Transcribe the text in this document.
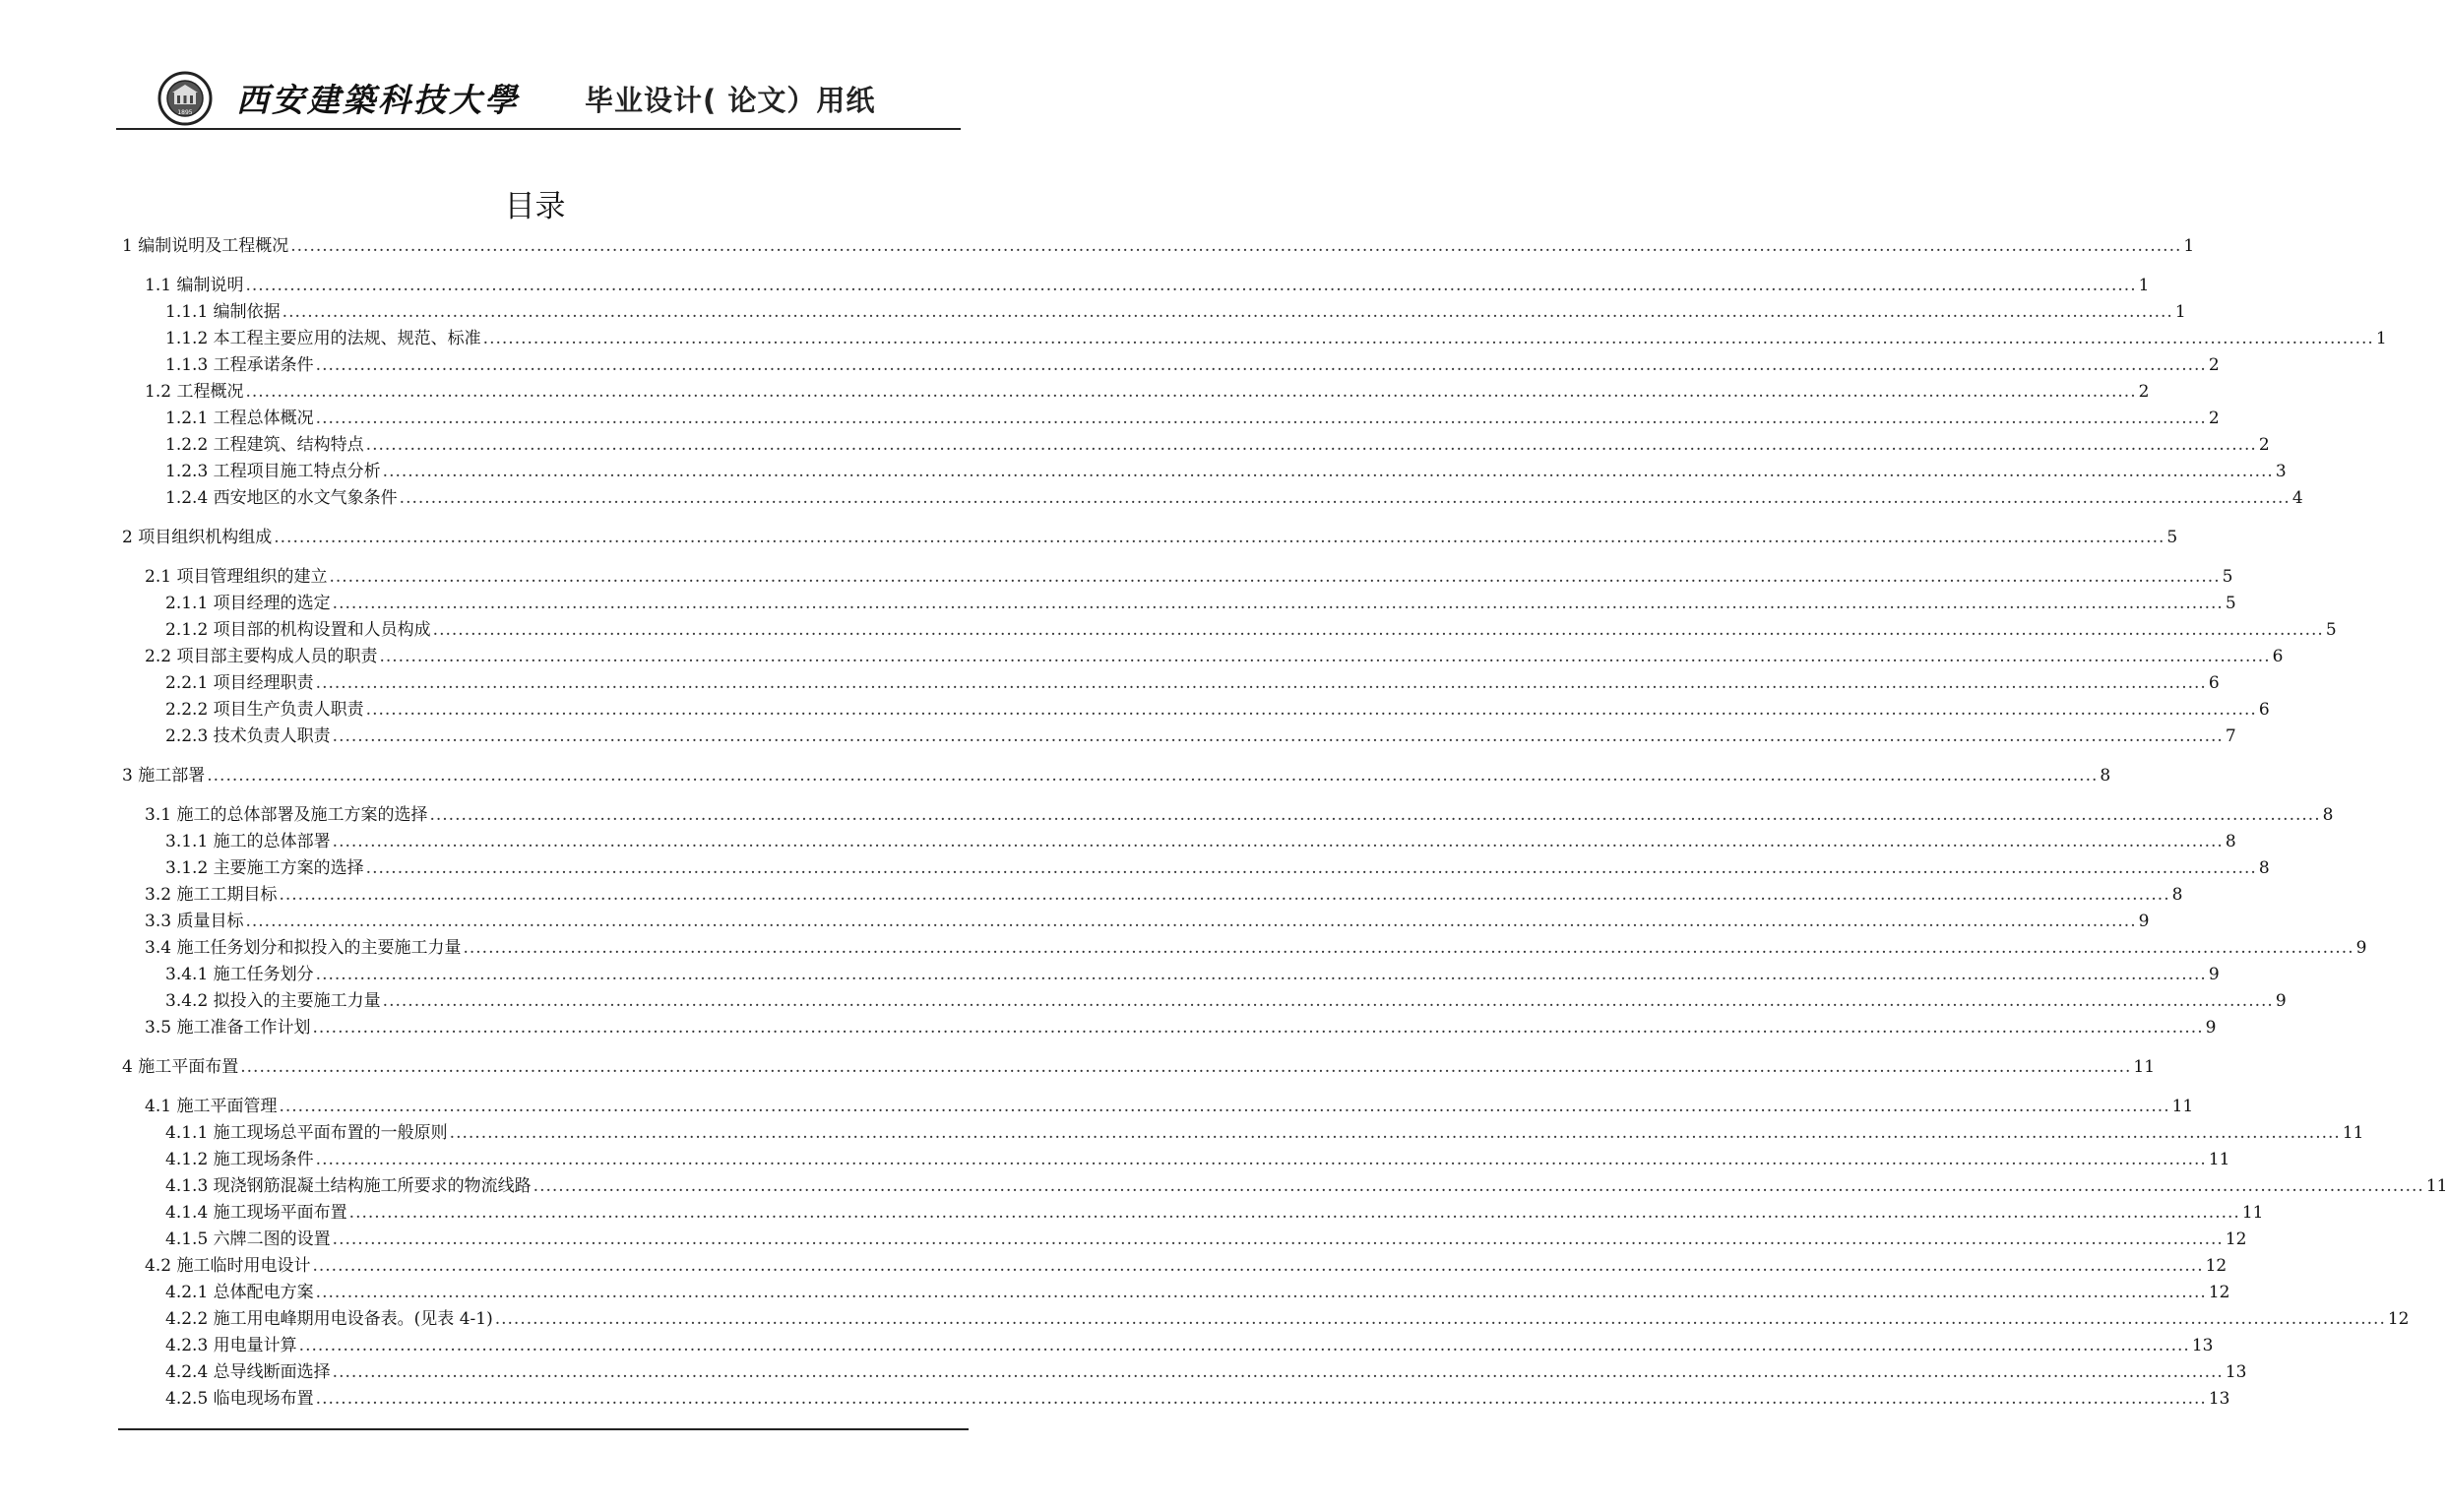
1895 西安建築科技大學 毕业设计( 论文）用纸
目录
1 编制说明及工程概况 ............................................................................................................................................................................................................................................................................................................ 1
1.1 编制说明 ............................................................................................................................................................................................................................................................................................................ 1
1.1.1 编制依据 ............................................................................................................................................................................................................................................................................................................ 1
1.1.2 本工程主要应用的法规、规范、标准 ............................................................................................................................................................................................................................................................................................................ 1
1.1.3 工程承诺条件 ............................................................................................................................................................................................................................................................................................................ 2
1.2 工程概况 ............................................................................................................................................................................................................................................................................................................ 2
1.2.1 工程总体概况 ............................................................................................................................................................................................................................................................................................................ 2
1.2.2 工程建筑、结构特点 ............................................................................................................................................................................................................................................................................................................ 2
1.2.3 工程项目施工特点分析 ............................................................................................................................................................................................................................................................................................................ 3
1.2.4 西安地区的水文气象条件 ............................................................................................................................................................................................................................................................................................................ 4
2 项目组织机构组成 ............................................................................................................................................................................................................................................................................................................ 5
2.1 项目管理组织的建立 ............................................................................................................................................................................................................................................................................................................ 5
2.1.1 项目经理的选定 ............................................................................................................................................................................................................................................................................................................ 5
2.1.2 项目部的机构设置和人员构成 ............................................................................................................................................................................................................................................................................................................ 5
2.2 项目部主要构成人员的职责 ............................................................................................................................................................................................................................................................................................................ 6
2.2.1 项目经理职责 ............................................................................................................................................................................................................................................................................................................ 6
2.2.2 项目生产负责人职责 ............................................................................................................................................................................................................................................................................................................ 6
2.2.3 技术负责人职责 ............................................................................................................................................................................................................................................................................................................ 7
3 施工部署 ............................................................................................................................................................................................................................................................................................................ 8
3.1 施工的总体部署及施工方案的选择 ............................................................................................................................................................................................................................................................................................................ 8
3.1.1 施工的总体部署 ............................................................................................................................................................................................................................................................................................................ 8
3.1.2 主要施工方案的选择 ............................................................................................................................................................................................................................................................................................................ 8
3.2 施工工期目标 ............................................................................................................................................................................................................................................................................................................ 8
3.3 质量目标 ............................................................................................................................................................................................................................................................................................................ 9
3.4 施工任务划分和拟投入的主要施工力量 ............................................................................................................................................................................................................................................................................................................ 9
3.4.1 施工任务划分 ............................................................................................................................................................................................................................................................................................................ 9
3.4.2 拟投入的主要施工力量 ............................................................................................................................................................................................................................................................................................................ 9
3.5 施工准备工作计划 ............................................................................................................................................................................................................................................................................................................ 9
4 施工平面布置 ............................................................................................................................................................................................................................................................................................................ 11
4.1 施工平面管理 ............................................................................................................................................................................................................................................................................................................ 11
4.1.1 施工现场总平面布置的一般原则 ............................................................................................................................................................................................................................................................................................................ 11
4.1.2 施工现场条件 ............................................................................................................................................................................................................................................................................................................ 11
4.1.3 现浇钢筋混凝土结构施工所要求的物流线路 ............................................................................................................................................................................................................................................................................................................ 11
4.1.4 施工现场平面布置 ............................................................................................................................................................................................................................................................................................................ 11
4.1.5 六牌二图的设置 ............................................................................................................................................................................................................................................................................................................ 12
4.2 施工临时用电设计 ............................................................................................................................................................................................................................................................................................................ 12
4.2.1 总体配电方案 ............................................................................................................................................................................................................................................................................................................ 12
4.2.2 施工用电峰期用电设备表。(见表 4-1) ............................................................................................................................................................................................................................................................................................................ 12
4.2.3 用电量计算 ............................................................................................................................................................................................................................................................................................................ 13
4.2.4 总导线断面选择 ............................................................................................................................................................................................................................................................................................................ 13
4.2.5 临电现场布置 ............................................................................................................................................................................................................................................................................................................ 13
